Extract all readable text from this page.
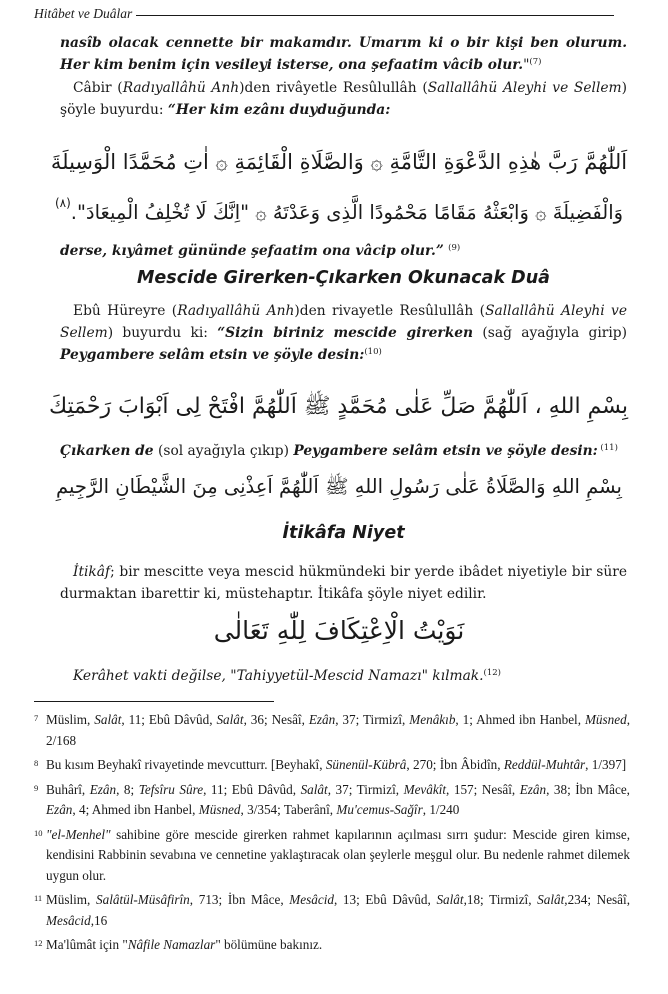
Hitâbet ve Duâlar
nasîb olacak cennette bir makamdır. Umarım ki o bir kişi ben olurum. Her kim benim için vesileyi isterse, ona şefaatim vâcib olur."$^{(7)}$
Câbir (Radıyallâhü Anh)den rivâyetle Resûlullâh (Sallallâhü Aleyhi ve Sellem) şöyle buyurdu: “Her kim ezânı duyduğunda:
اَللّٰهُمَّ رَبَّ هٰذِهِ الدَّعْوَةِ التَّامَّةِ ۞ وَالصَّلَاةِ الْقَائِمَةِ ۞ اٰتِ مُحَمَّدًا الْوَسِيلَةَ
وَالْفَضِيلَةَ ۞ وَابْعَثْهُ مَقَامًا مَحْمُودًا الَّذِى وَعَدْتَهُ ۞ "اِنَّكَ لَا تُخْلِفُ الْمِيعَادَ".$^{(٨)}$
derse, kıyâmet gününde şefaatim ona vâcip olur.” $^{(9)}$
Mescide Girerken-Çıkarken Okunacak Duâ
Ebû Hüreyre (Radıyallâhü Anh)den rivayetle Resûlullâh (Sallallâhü Aleyhi ve Sellem) buyurdu ki: “Sizin biriniz mescide girerken (sağ ayağıyla girip) Peygambere selâm etsin ve şöyle desin:$^{(10)}$
بِسْمِ اللهِ ، اَللّٰهُمَّ صَلِّ عَلٰى مُحَمَّدٍ ﷺ اَللّٰهُمَّ افْتَحْ لِى اَبْوَابَ رَحْمَتِكَ
Çıkarken de (sol ayağıyla çıkıp) Peygambere selâm etsin ve şöyle desin: $^{(11)}$
بِسْمِ اللهِ وَالصَّلَاةُ عَلٰى رَسُولِ اللهِ ﷺ اَللّٰهُمَّ اَعِذْنِى مِنَ الشَّيْطَانِ الرَّجِيمِ
İtikâfa Niyet
İtikâf; bir mescitte veya mescid hükmündeki bir yerde ibâdet niyetiyle bir süre durmaktan ibarettir ki, müstehaptır. İtikâfa şöyle niyet edilir.
نَوَيْتُ الْاِعْتِكَافَ لِلّٰهِ تَعَالٰى
Kerâhet vakti değilse, "Tahiyyetül-Mescid Namazı" kılmak.$^{(12)}$
7 Müslim, Salât, 11; Ebû Dâvûd, Salât, 36; Nesâî, Ezân, 37; Tirmizî, Menâkıb, 1; Ahmed ibn Hanbel, Müsned, 2/168
8 Bu kısım Beyhakî rivayetinde mevcutturr. [Beyhakî, Sünenül-Kübrâ, 270; İbn Âbidîn, Reddül-Muhtâr, 1/397]
9 Buhârî, Ezân, 8; Tefsîru Sûre, 11; Ebû Dâvûd, Salât, 37; Tirmizî, Mevâkît, 157; Nesâî, Ezân, 38; İbn Mâce, Ezân, 4; Ahmed ibn Hanbel, Müsned, 3/354; Taberânî, Mu'cemus-Sağîr, 1/240
10 "el-Menhel" sahibine göre mescide girerken rahmet kapılarının açılması sırrı şudur: Mescide giren kimse, kendisini Rabbinin sevabına ve cennetine yaklaştıracak olan şeylerle meşgul olur. Bu nedenle rahmet dilemek uygun olur.
11 Müslim, Salâtül-Müsâfirîn, 713; İbn Mâce, Mesâcid, 13; Ebû Dâvûd, Salât,18; Tirmizî, Salât,234; Nesâî, Mesâcid,16
12 Ma'lûmât için "Nâfile Namazlar" bölümüne bakınız.
